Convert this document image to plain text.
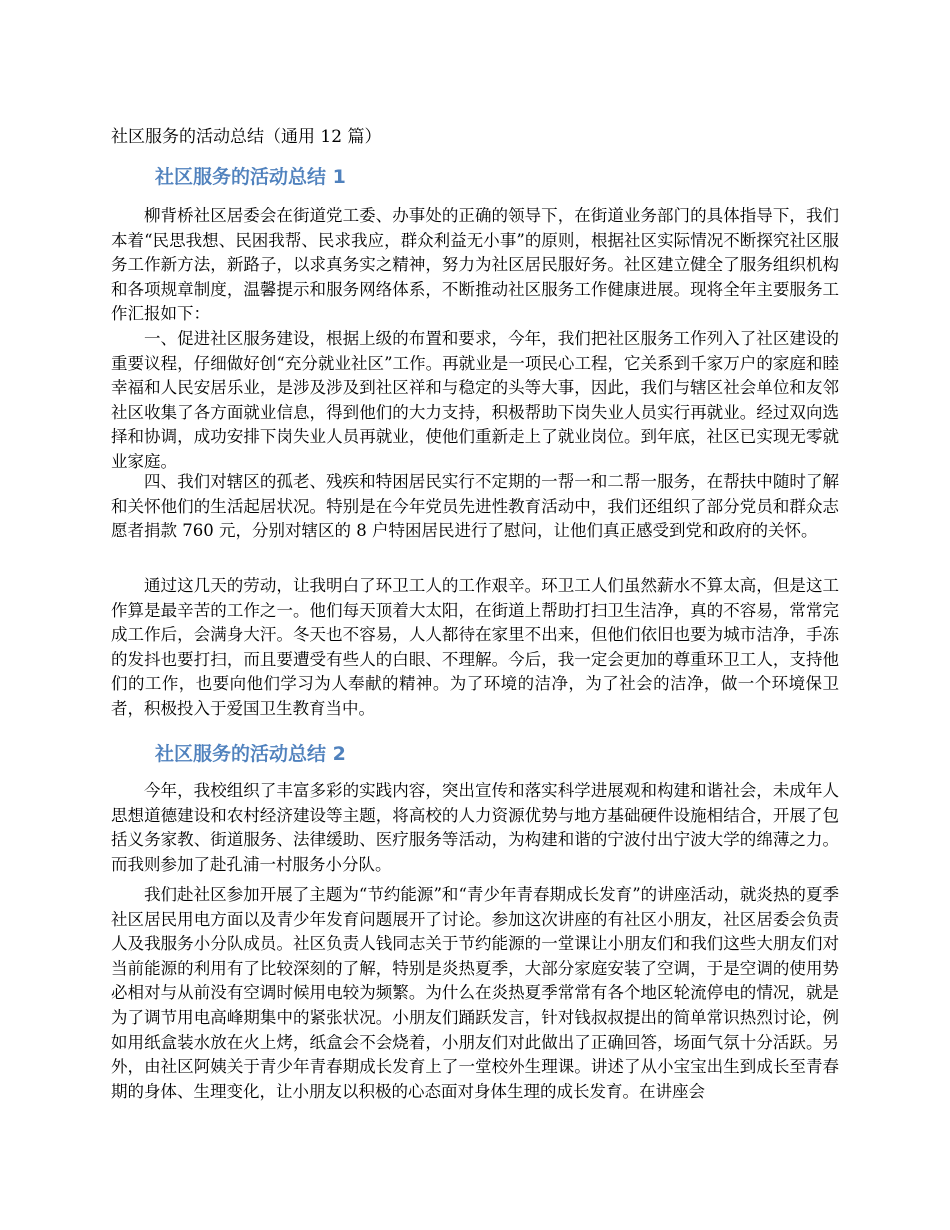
社区服务的活动总结（通用 12 篇）
社区服务的活动总结 1

柳背桥社区居委会在街道党工委、办事处的正确的领导下，在街道业务部门的具体指导下，我们本着“民思我想、民困我帮、民求我应，群众利益无小事”的原则，根据社区实际情况不断探究社区服务工作新方法，新路子，以求真务实之精神，努力为社区居民服好务。社区建立健全了服务组织机构和各项规章制度，温馨提示和服务网络体系，不断推动社区服务工作健康进展。现将全年主要服务工作汇报如下：

一、促进社区服务建设，根据上级的布置和要求，今年，我们把社区服务工作列入了社区建设的重要议程，仔细做好创“充分就业社区”工作。再就业是一项民心工程，它关系到千家万户的家庭和睦幸福和人民安居乐业，是涉及涉及到社区祥和与稳定的头等大事，因此，我们与辖区社会单位和友邻社区收集了各方面就业信息，得到他们的大力支持，积极帮助下岗失业人员实行再就业。经过双向选择和协调，成功安排下岗失业人员再就业，使他们重新走上了就业岗位。到年底，社区已实现无零就业家庭。

四、我们对辖区的孤老、残疾和特困居民实行不定期的一帮一和二帮一服务，在帮扶中随时了解和关怀他们的生活起居状况。特别是在今年党员先进性教育活动中，我们还组织了部分党员和群众志愿者捐款 760 元，分别对辖区的 8 户特困居民进行了慰问，让他们真正感受到党和政府的关怀。

通过这几天的劳动，让我明白了环卫工人的工作艰辛。环卫工人们虽然薪水不算太高，但是这工作算是最辛苦的工作之一。他们每天顶着大太阳，在街道上帮助打扫卫生洁净，真的不容易，常常完成工作后，会满身大汗。冬天也不容易，人人都待在家里不出来，但他们依旧也要为城市洁净，手冻的发抖也要打扫，而且要遭受有些人的白眼、不理解。今后，我一定会更加的尊重环卫工人，支持他们的工作，也要向他们学习为人奉献的精神。为了环境的洁净，为了社会的洁净，做一个环境保卫者，积极投入于爱国卫生教育当中。

社区服务的活动总结 2

今年，我校组织了丰富多彩的实践内容，突出宣传和落实科学进展观和构建和谐社会，未成年人思想道德建设和农村经济建设等主题，将高校的人力资源优势与地方基础硬件设施相结合，开展了包括义务家教、街道服务、法律缓助、医疗服务等活动，为构建和谐的宁波付出宁波大学的绵薄之力。而我则参加了赴孔浦一村服务小分队。

我们赴社区参加开展了主题为“节约能源”和“青少年青春期成长发育”的讲座活动，就炎热的夏季社区居民用电方面以及青少年发育问题展开了讨论。参加这次讲座的有社区小朋友，社区居委会负责人及我服务小分队成员。社区负责人钱同志关于节约能源的一堂课让小朋友们和我们这些大朋友们对当前能源的利用有了比较深刻的了解，特别是炎热夏季，大部分家庭安装了空调，于是空调的使用势必相对与从前没有空调时候用电较为频繁。为什么在炎热夏季常常有各个地区轮流停电的情况，就是为了调节用电高峰期集中的紧张状况。小朋友们踊跃发言，针对钱叔叔提出的简单常识热烈讨论，例如用纸盒装水放在火上烤，纸盒会不会烧着，小朋友们对此做出了正确回答，场面气氛十分活跃。另外，由社区阿姨关于青少年青春期成长发育上了一堂校外生理课。讲述了从小宝宝出生到成长至青春期的身体、生理变化，让小朋友以积极的心态面对身体生理的成长发育。在讲座会
